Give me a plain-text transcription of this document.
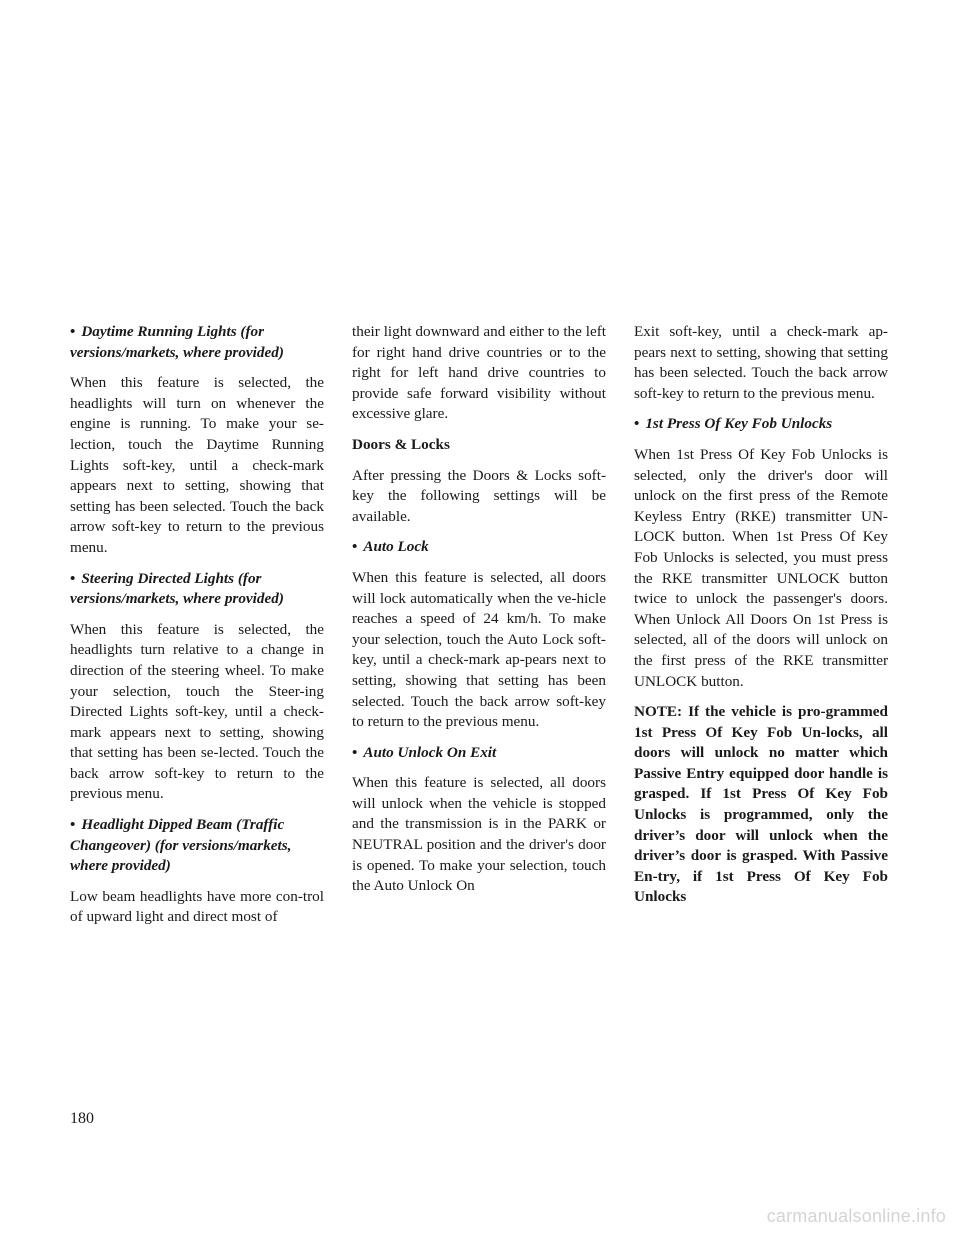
• Daytime Running Lights (for
versions/markets, where provided)

When this feature is selected, the headlights will turn on whenever the engine is running. To make your se-lection, touch the Daytime Running Lights soft-key, until a check-mark appears next to setting, showing that setting has been selected. Touch the back arrow soft-key to return to the previous menu.

• Steering Directed Lights (for
versions/markets, where provided)

When this feature is selected, the headlights turn relative to a change in direction of the steering wheel. To make your selection, touch the Steer-ing Directed Lights soft-key, until a check-mark appears next to setting, showing that setting has been se-lected. Touch the back arrow soft-key to return to the previous menu.

• Headlight Dipped Beam (Traffic
Changeover) (for versions/markets,
where provided)

Low beam headlights have more con-trol of upward light and direct most of

their light downward and either to the left for right hand drive countries or to the right for left hand drive countries to provide safe forward visibility without excessive glare.

Doors & Locks

After pressing the Doors & Locks soft-key the following settings will be available.

• Auto Lock

When this feature is selected, all doors will lock automatically when the ve-hicle reaches a speed of 24 km/h. To make your selection, touch the Auto Lock soft-key, until a check-mark ap-pears next to setting, showing that setting has been selected. Touch the back arrow soft-key to return to the previous menu.

• Auto Unlock On Exit

When this feature is selected, all doors will unlock when the vehicle is stopped and the transmission is in the PARK or NEUTRAL position and the driver's door is opened. To make your selection, touch the Auto Unlock On

Exit soft-key, until a check-mark ap-pears next to setting, showing that setting has been selected. Touch the back arrow soft-key to return to the previous menu.

• 1st Press Of Key Fob Unlocks

When 1st Press Of Key Fob Unlocks is selected, only the driver's door will unlock on the first press of the Remote Keyless Entry (RKE) transmitter UN-LOCK button. When 1st Press Of Key Fob Unlocks is selected, you must press the RKE transmitter UNLOCK button twice to unlock the passenger's doors. When Unlock All Doors On 1st Press is selected, all of the doors will unlock on the first press of the RKE transmitter UNLOCK button.

NOTE: If the vehicle is pro-grammed 1st Press Of Key Fob Un-locks, all doors will unlock no matter which Passive Entry equipped door handle is grasped. If 1st Press Of Key Fob Unlocks is programmed, only the driver’s door will unlock when the driver’s door is grasped. With Passive En-try, if 1st Press Of Key Fob Unlocks

180
carmanualsonline.info
